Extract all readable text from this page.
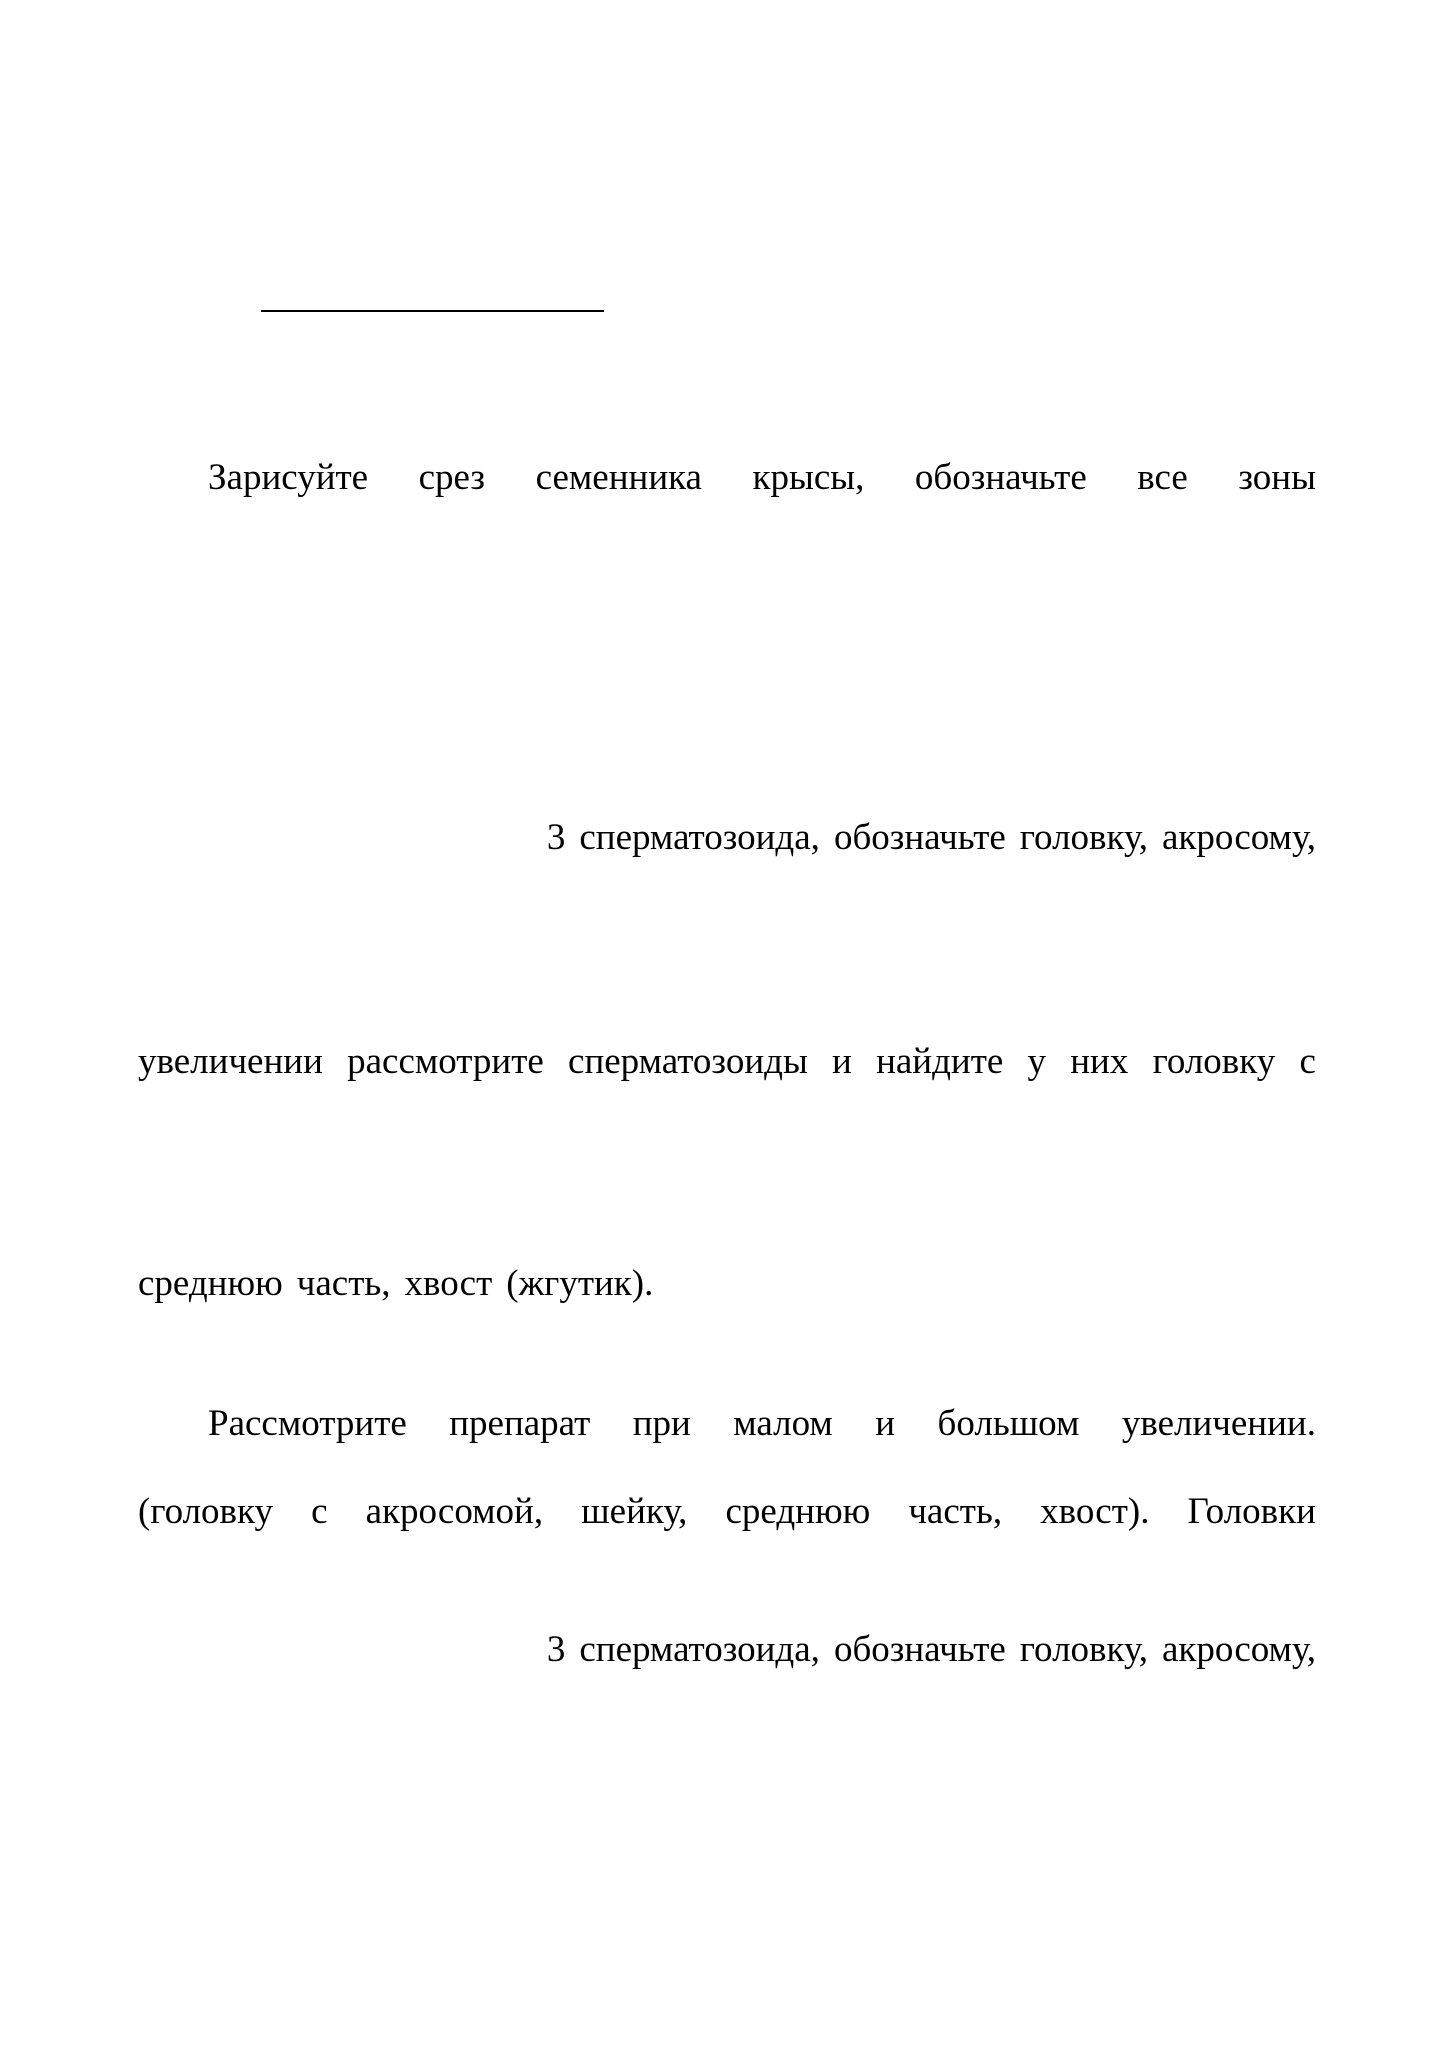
Зарисуйте срез семенника крысы, обозначьте все зоны
3 сперматозоида, обозначьте головку, акросому,
увеличении рассмотрите сперматозоиды и найдите у них головку с
среднюю часть, хвост (жгутик).
Рассмотрите препарат при малом и большом увеличении.
(головку с акросомой, шейку, среднюю часть, хвост). Головки
3 сперматозоида, обозначьте головку, акросому,
